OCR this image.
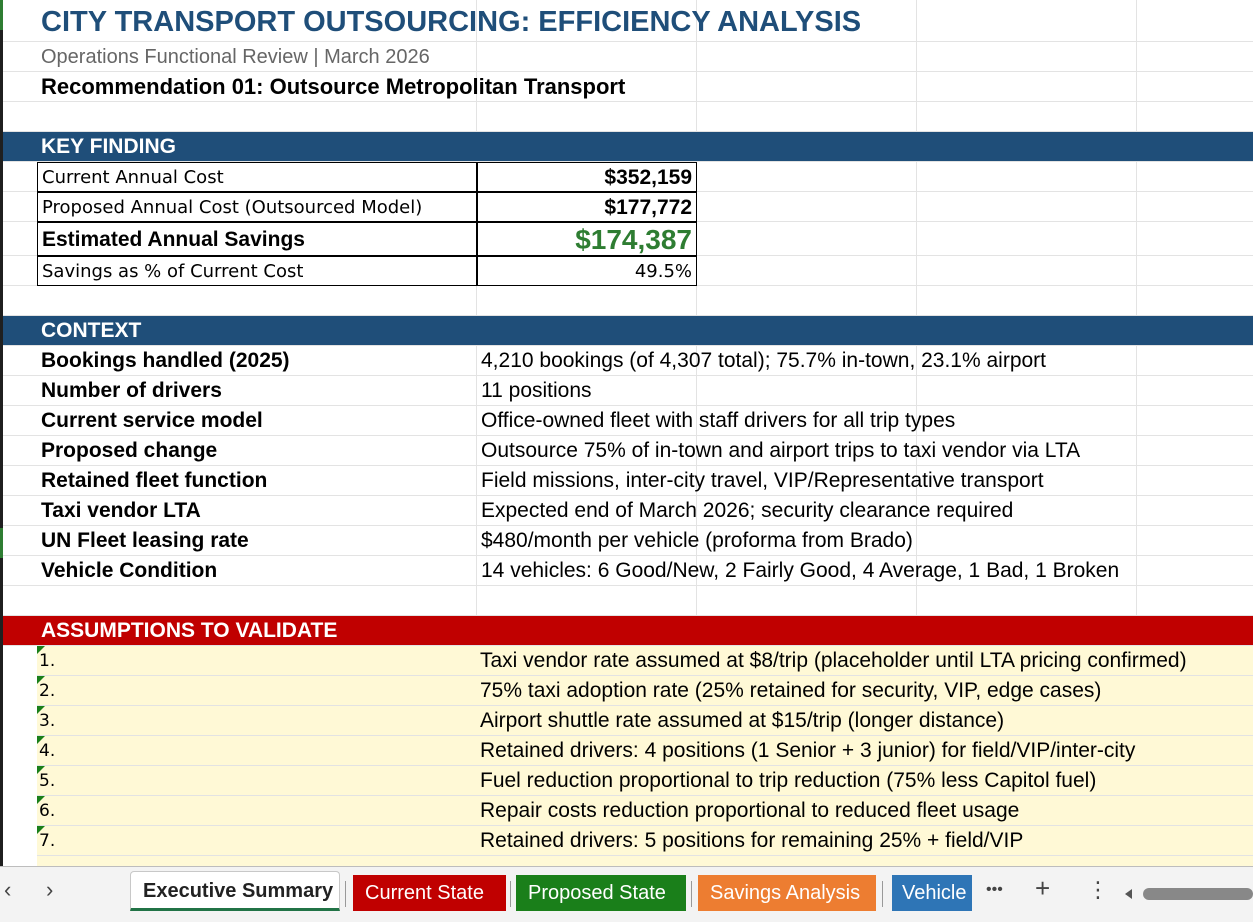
CITY TRANSPORT OUTSOURCING: EFFICIENCY ANALYSIS
Operations Functional Review | March 2026
Recommendation 01: Outsource Metropolitan Transport
KEY FINDING
Current Annual Cost	$352,159
Proposed Annual Cost (Outsourced Model)	$177,772
Estimated Annual Savings	$174,387
Savings as % of Current Cost	49.5%
CONTEXT
Bookings handled (2025)	4,210 bookings (of 4,307 total); 75.7% in-town, 23.1% airport
Number of drivers	11 positions
Current service model	Office-owned fleet with staff drivers for all trip types
Proposed change	Outsource 75% of in-town and airport trips to taxi vendor via LTA
Retained fleet function	Field missions, inter-city travel, VIP/Representative transport
Taxi vendor LTA	Expected end of March 2026; security clearance required
UN Fleet leasing rate	$480/month per vehicle (proforma from Brado)
Vehicle Condition	14 vehicles: 6 Good/New, 2 Fairly Good, 4 Average, 1 Bad, 1 Broken
ASSUMPTIONS TO VALIDATE
1.	Taxi vendor rate assumed at $8/trip (placeholder until LTA pricing confirmed)
2.	75% taxi adoption rate (25% retained for security, VIP, edge cases)
3.	Airport shuttle rate assumed at $15/trip (longer distance)
4.	Retained drivers: 4 positions (1 Senior + 3 junior) for field/VIP/inter-city
5.	Fuel reduction proportional to trip reduction (75% less Capitol fuel)
6.	Repair costs reduction proportional to reduced fleet usage
7.	Retained drivers: 5 positions for remaining 25% + field/VIP
‹ ›	Executive Summary	Current State	Proposed State	Savings Analysis	Vehicle	••• + ⋮
